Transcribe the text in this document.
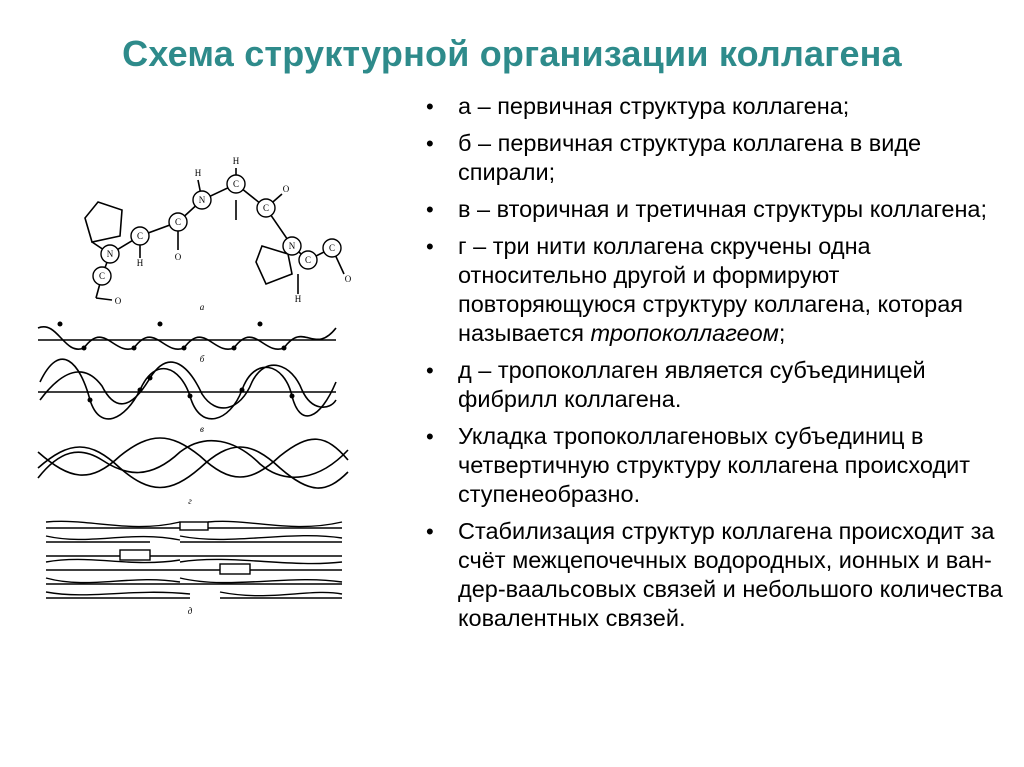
Схема структурной организации коллагена
N
C
C
N
C
C
N
C
C
C
H
H
H
H
O
O
O
O
а
б
в
г
д
• а – первичная структура коллагена;
• б – первичная структура коллагена в виде спирали;
• в – вторичная и третичная структуры коллагена;
• г – три нити коллагена скручены одна относительно другой и формируют повторяющуюся структуру коллагена, которая называется тропоколлагеом;
• д – тропоколлаген является субъединицей фибрилл коллагена.
• Укладка тропоколлагеновых субъединиц в четвертичную структуру коллагена происходит ступенеобразно.
• Стабилизация структур коллагена происходит за счёт межцепочечных водородных, ионных и ван-дер-ваальсовых связей и небольшого количества ковалентных связей.
